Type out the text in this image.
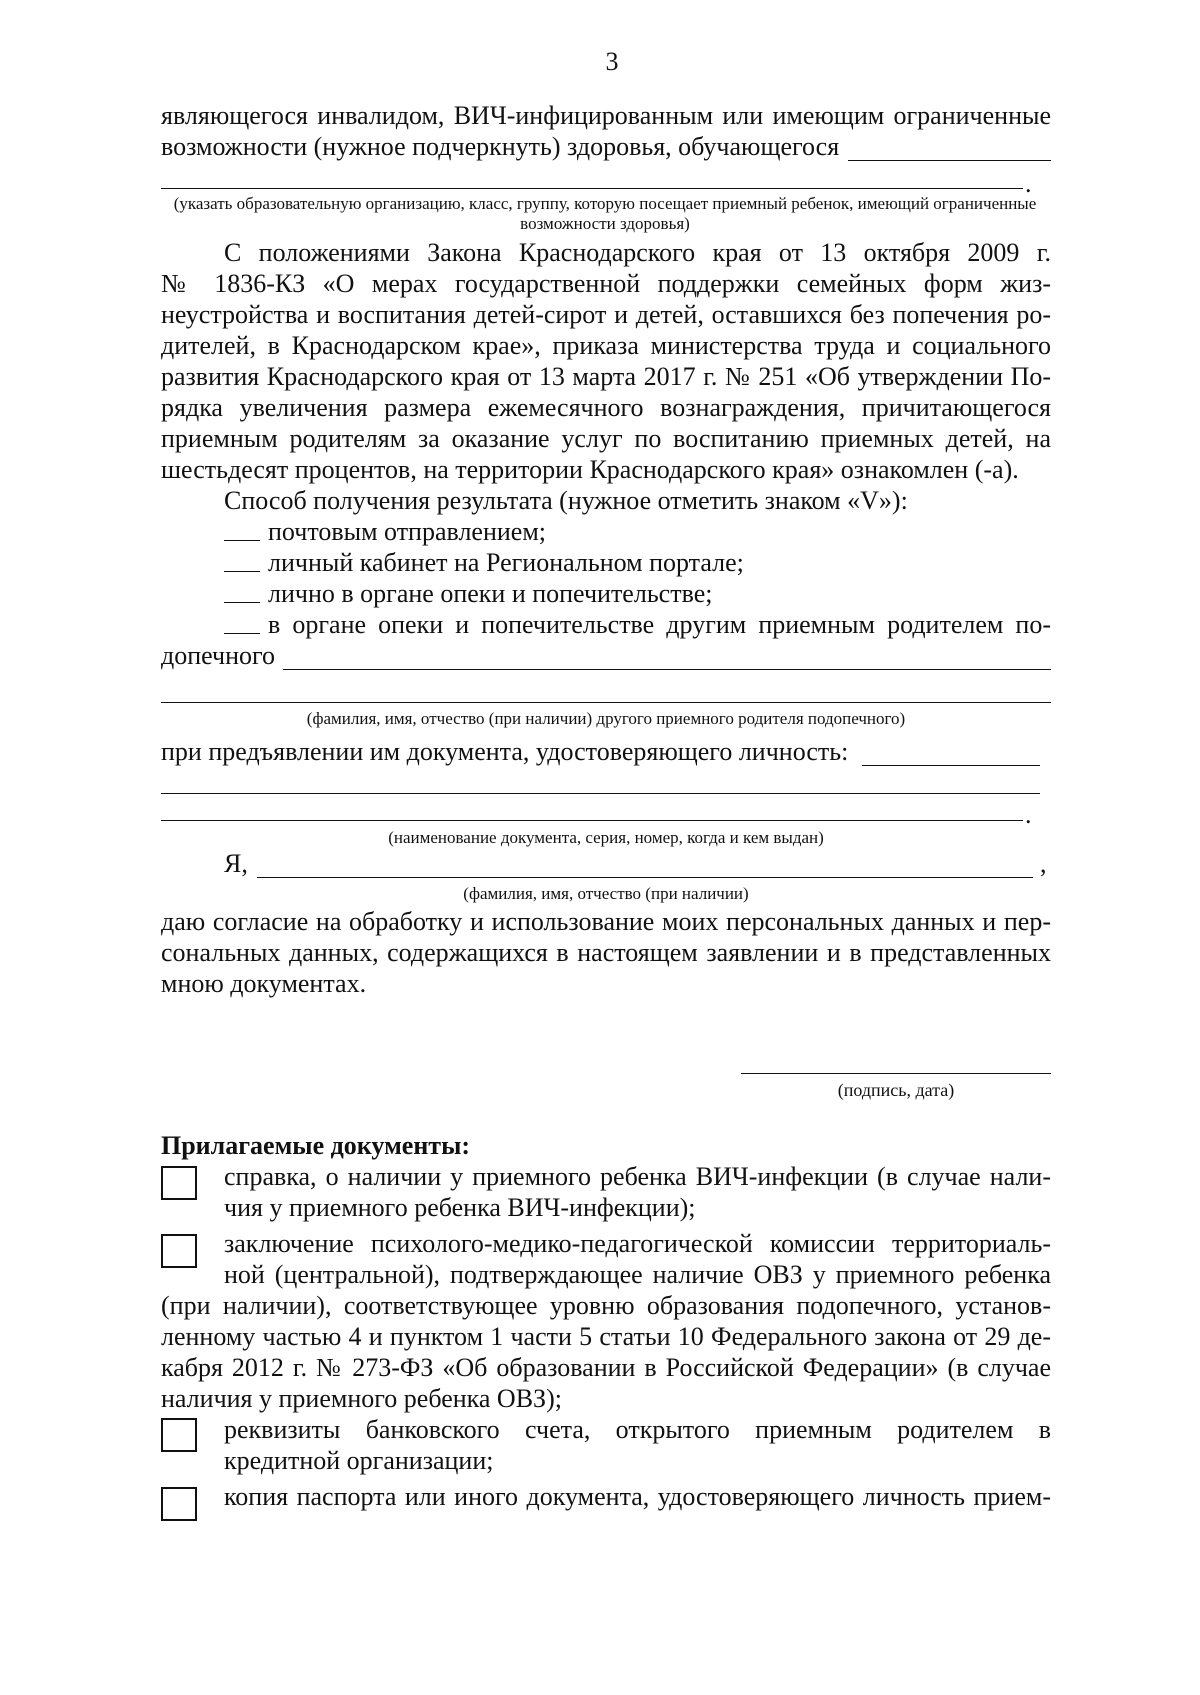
3
являющегося инвалидом, ВИЧ-инфицированным или имеющим ограниченные
возможности (нужное подчеркнуть) здоровья, обучающегося
.
(указать образовательную организацию, класс, группу, которую посещает приемный ребенок, имеющий ограниченные возможности здоровья)
С положениями Закона Краснодарского края от 13 октября 2009 г.
№ 1836-КЗ «О мерах государственной поддержки семейных форм жиз-
неустройства и воспитания детей-сирот и детей, оставшихся без попечения ро-
дителей, в Краснодарском крае», приказа министерства труда и социального
развития Краснодарского края от 13 марта 2017 г. № 251 «Об утверждении По-
рядка увеличения размера ежемесячного вознаграждения, причитающегося
приемным родителям за оказание услуг по воспитанию приемных детей, на
шестьдесят процентов, на территории Краснодарского края» ознакомлен (-а).
Способ получения результата (нужное отметить знаком «V»):
почтовым отправлением;
личный кабинет на Региональном портале;
лично в органе опеки и попечительстве;
в органе опеки и попечительстве другим приемным родителем по-
допечного
(фамилия, имя, отчество (при наличии) другого приемного родителя подопечного)
при предъявлении им документа, удостоверяющего личность:
.
(наименование документа, серия, номер, когда и кем выдан)
Я,	,
(фамилия, имя, отчество (при наличии)
даю согласие на обработку и использование моих персональных данных и пер-
сональных данных, содержащихся в настоящем заявлении и в представленных
мною документах.
(подпись, дата)
Прилагаемые документы:
справка, о наличии у приемного ребенка ВИЧ-инфекции (в случае нали-
чия у приемного ребенка ВИЧ-инфекции);
заключение психолого-медико-педагогической комиссии территориаль-
ной (центральной), подтверждающее наличие ОВЗ у приемного ребенка
(при наличии), соответствующее уровню образования подопечного, установ-
ленному частью 4 и пунктом 1 части 5 статьи 10 Федерального закона от 29 де-
кабря 2012 г. № 273-ФЗ «Об образовании в Российской Федерации» (в случае
наличия у приемного ребенка ОВЗ);
реквизиты банковского счета, открытого приемным родителем в
кредитной организации;
копия паспорта или иного документа, удостоверяющего личность прием-
